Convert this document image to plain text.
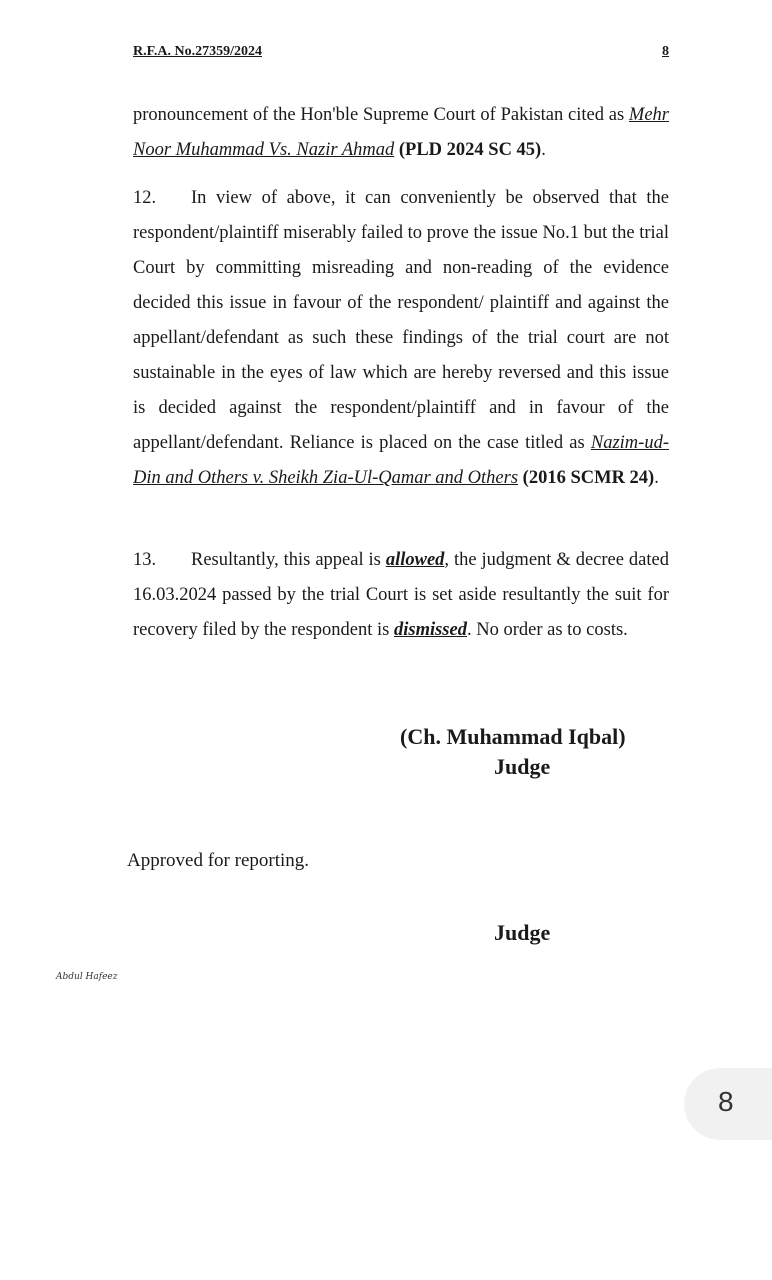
R.F.A. No.27359/2024	8
pronouncement of the Hon'ble Supreme Court of Pakistan cited as Mehr Noor Muhammad Vs. Nazir Ahmad (PLD 2024 SC 45).
12. In view of above, it can conveniently be observed that the respondent/plaintiff miserably failed to prove the issue No.1 but the trial Court by committing misreading and non-reading of the evidence decided this issue in favour of the respondent/ plaintiff and against the appellant/defendant as such these findings of the trial court are not sustainable in the eyes of law which are hereby reversed and this issue is decided against the respondent/plaintiff and in favour of the appellant/defendant. Reliance is placed on the case titled as Nazim-ud-Din and Others v. Sheikh Zia-Ul-Qamar and Others (2016 SCMR 24).
13. Resultantly, this appeal is allowed, the judgment & decree dated 16.03.2024 passed by the trial Court is set aside resultantly the suit for recovery filed by the respondent is dismissed. No order as to costs.
(Ch. Muhammad Iqbal)
Judge
Approved for reporting.
Judge
Abdul Hafeez
8
